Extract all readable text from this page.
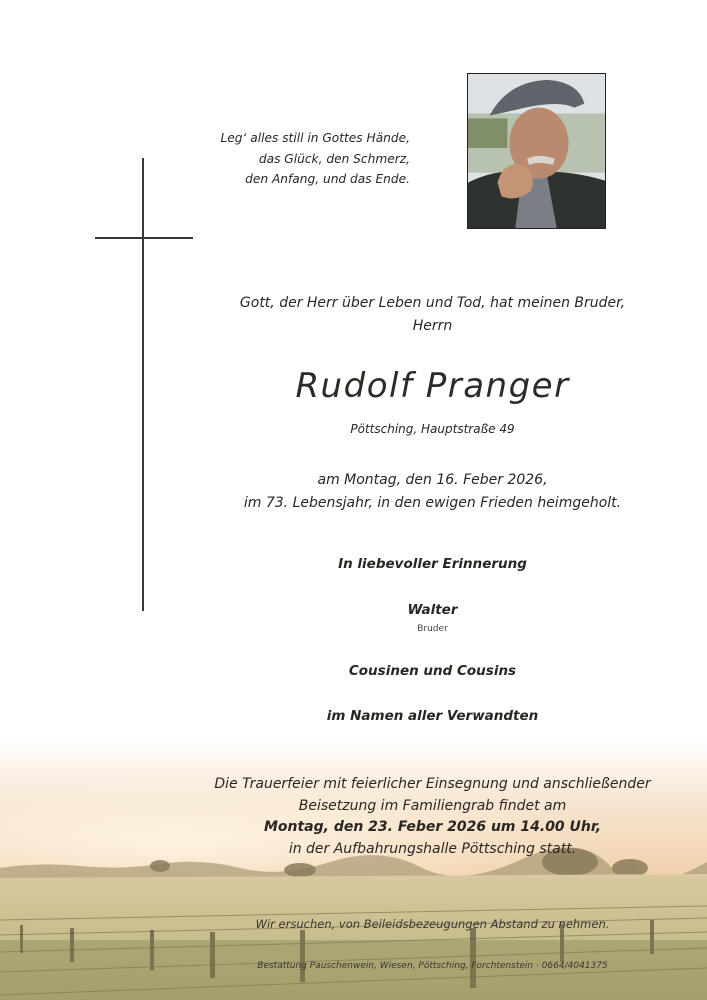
Leg‘ alles still in Gottes Hände,
das Glück, den Schmerz,
den Anfang, und das Ende.
Gott, der Herr über Leben und Tod, hat meinen Bruder,
Herrn
Rudolf Pranger
Pöttsching, Hauptstraße 49
am Montag, den 16. Feber 2026,
im 73. Lebensjahr, in den ewigen Frieden heimgeholt.
In liebevoller Erinnerung
Walter
Bruder
Cousinen und Cousins
im Namen aller Verwandten
Die Trauerfeier mit feierlicher Einsegnung und anschließender
Beisetzung im Familiengrab findet am
Montag, den 23. Feber 2026 um 14.00 Uhr,
in der Aufbahrungshalle Pöttsching statt.
Wir ersuchen, von Beileidsbezeugungen Abstand zu nehmen.
Bestattung Pauschenwein, Wiesen, Pöttsching, Forchtenstein · 0664/4041375
